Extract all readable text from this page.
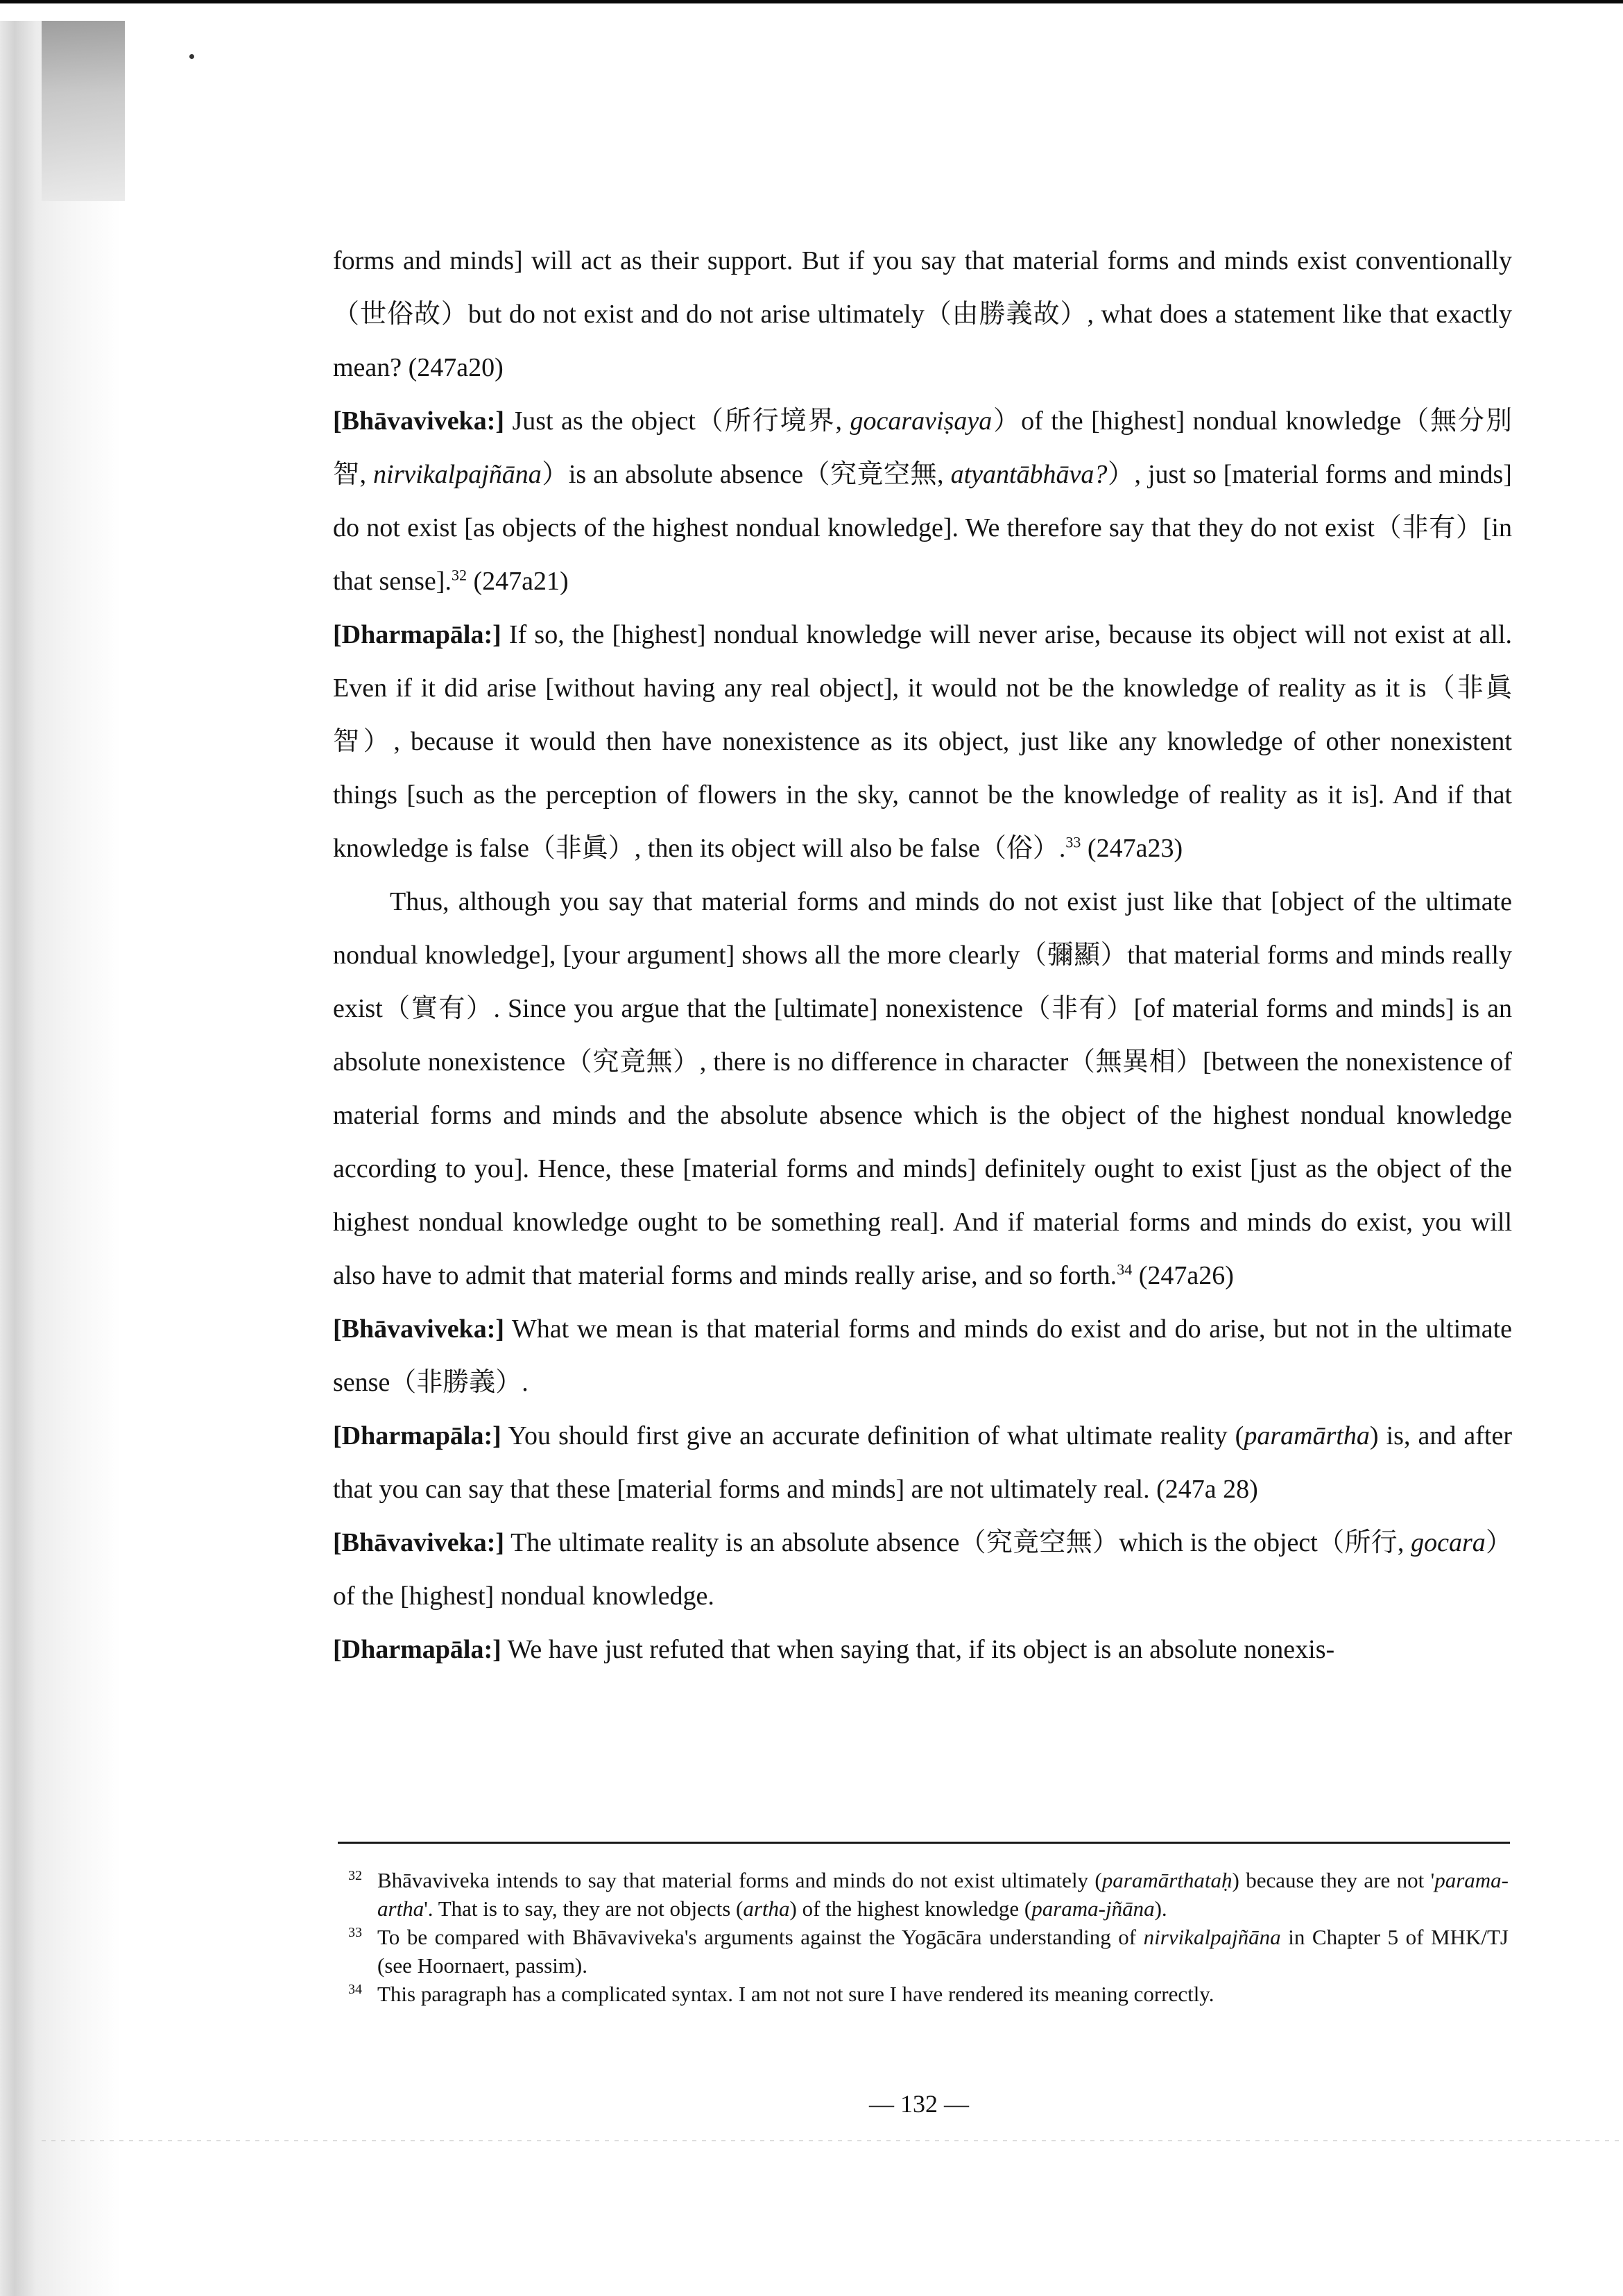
forms and minds] will act as their support. But if you say that material forms and minds exist conventionally（世俗故）but do not exist and do not arise ultimately（由勝義故）, what does a statement like that exactly mean? (247a20)

[Bhāvaviveka:] Just as the object（所行境界, gocaraviṣaya）of the [highest] nondual knowledge（無分別智, nirvikalpajñāna）is an absolute absence（究竟空無, atyantābhāva?）, just so [material forms and minds] do not exist [as objects of the highest nondual knowledge]. We therefore say that they do not exist（非有）[in that sense].$^{32}$ (247a21)

[Dharmapāla:] If so, the [highest] nondual knowledge will never arise, because its object will not exist at all. Even if it did arise [without having any real object], it would not be the knowledge of reality as it is（非眞智）, because it would then have nonexistence as its object, just like any knowledge of other nonexistent things [such as the perception of flowers in the sky, cannot be the knowledge of reality as it is]. And if that knowledge is false（非眞）, then its object will also be false（俗）.$^{33}$ (247a23)

Thus, although you say that material forms and minds do not exist just like that [object of the ultimate nondual knowledge], [your argument] shows all the more clearly（彌顯）that material forms and minds really exist（實有）. Since you argue that the [ultimate] nonexistence（非有）[of material forms and minds] is an absolute nonexistence（究竟無）, there is no difference in character（無異相）[between the nonexistence of material forms and minds and the absolute absence which is the object of the highest nondual knowledge according to you]. Hence, these [material forms and minds] definitely ought to exist [just as the object of the highest nondual knowledge ought to be something real]. And if material forms and minds do exist, you will also have to admit that material forms and minds really arise, and so forth.$^{34}$ (247a26)

[Bhāvaviveka:] What we mean is that material forms and minds do exist and do arise, but not in the ultimate sense（非勝義）.

[Dharmapāla:] You should first give an accurate definition of what ultimate reality (paramārtha) is, and after that you can say that these [material forms and minds] are not ultimately real. (247a 28)

[Bhāvaviveka:] The ultimate reality is an absolute absence（究竟空無）which is the object（所行, gocara） of the [highest] nondual knowledge.

[Dharmapāla:] We have just refuted that when saying that, if its object is an absolute nonexis-

32 Bhāvaviveka intends to say that material forms and minds do not exist ultimately (paramārthataḥ) because they are not 'parama-artha'. That is to say, they are not objects (artha) of the highest knowledge (parama-jñāna).
33 To be compared with Bhāvaviveka's arguments against the Yogācāra understanding of nirvikalpajñāna in Chapter 5 of MHK/TJ (see Hoornaert, passim).
34 This paragraph has a complicated syntax. I am not not sure I have rendered its meaning correctly.
— 132 —
